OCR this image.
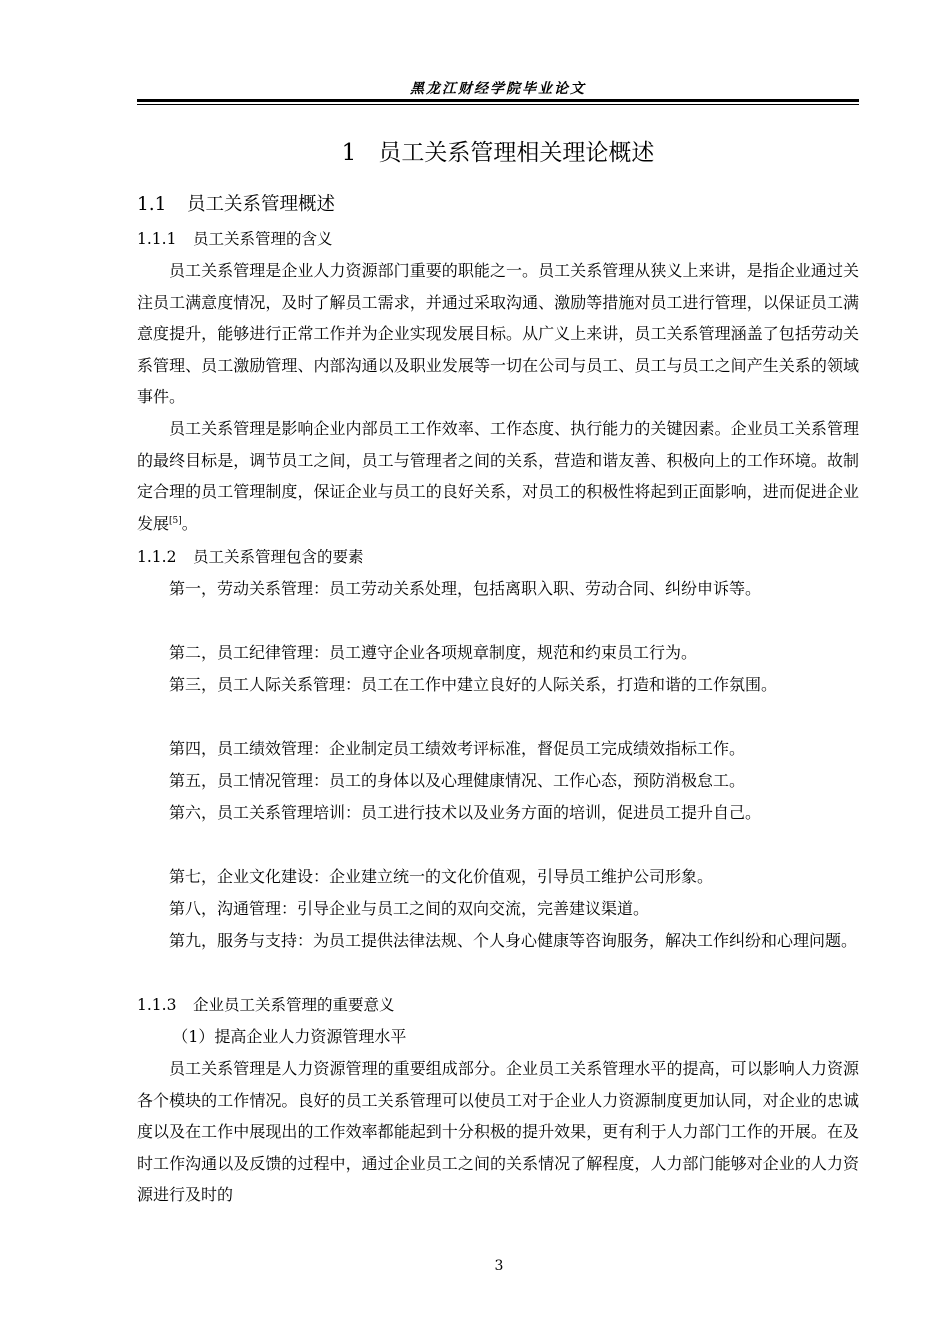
黑龙江财经学院毕业论文
1 员工关系管理相关理论概述
1.1 员工关系管理概述
1.1.1 员工关系管理的含义

员工关系管理是企业人力资源部门重要的职能之一。员工关系管理从狭义上来讲，是指企业通过关注员工满意度情况，及时了解员工需求，并通过采取沟通、激励等措施对员工进行管理，以保证员工满意度提升，能够进行正常工作并为企业实现发展目标。从广义上来讲，员工关系管理涵盖了包括劳动关系管理、员工激励管理、内部沟通以及职业发展等一切在公司与员工、员工与员工之间产生关系的领域事件。

员工关系管理是影响企业内部员工工作效率、工作态度、执行能力的关键因素。企业员工关系管理的最终目标是，调节员工之间，员工与管理者之间的关系，营造和谐友善、积极向上的工作环境。故制定合理的员工管理制度，保证企业与员工的良好关系，对员工的积极性将起到正面影响，进而促进企业发展[5]。

1.1.2 员工关系管理包含的要素

第一，劳动关系管理：员工劳动关系处理，包括离职入职、劳动合同、纠纷申诉等。

第二，员工纪律管理：员工遵守企业各项规章制度，规范和约束员工行为。

第三，员工人际关系管理：员工在工作中建立良好的人际关系，打造和谐的工作氛围。

第四，员工绩效管理：企业制定员工绩效考评标准，督促员工完成绩效指标工作。

第五，员工情况管理：员工的身体以及心理健康情况、工作心态，预防消极怠工。

第六，员工关系管理培训：员工进行技术以及业务方面的培训，促进员工提升自己。

第七，企业文化建设：企业建立统一的文化价值观，引导员工维护公司形象。

第八，沟通管理：引导企业与员工之间的双向交流，完善建议渠道。

第九，服务与支持：为员工提供法律法规、个人身心健康等咨询服务，解决工作纠纷和心理问题。

1.1.3 企业员工关系管理的重要意义

（1）提高企业人力资源管理水平

员工关系管理是人力资源管理的重要组成部分。企业员工关系管理水平的提高，可以影响人力资源各个模块的工作情况。良好的员工关系管理可以使员工对于企业人力资源制度更加认同，对企业的忠诚度以及在工作中展现出的工作效率都能起到十分积极的提升效果，更有利于人力部门工作的开展。在及时工作沟通以及反馈的过程中，通过企业员工之间的关系情况了解程度，人力部门能够对企业的人力资源进行及时的

3
